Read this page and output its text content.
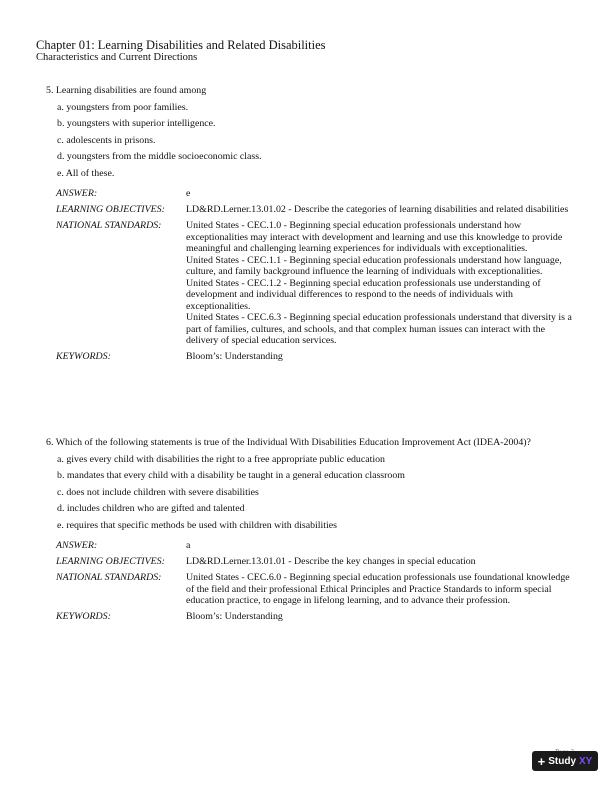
Chapter 01: Learning Disabilities and Related Disabilities
Characteristics and Current Directions

5. Learning disabilities are found among

a. youngsters from poor families.
b. youngsters with superior intelligence.
c. adolescents in prisons.
d. youngsters from the middle socioeconomic class.
e. All of these.
ANSWER:	e
LEARNING OBJECTIVES:	LD&RD.Lerner.13.01.02 - Describe the categories of learning disabilities and related disabilities
NATIONAL STANDARDS:	United States - CEC.1.0 - Beginning special education professionals understand how exceptionalities may interact with development and learning and use this knowledge to provide meaningful and challenging learning experiences for individuals with exceptionalities.

United States - CEC.1.1 - Beginning special education professionals understand how language, culture, and family background influence the learning of individuals with exceptionalities.

United States - CEC.1.2 - Beginning special education professionals use understanding of development and individual differences to respond to the needs of individuals with exceptionalities.

United States - CEC.6.3 - Beginning special education professionals understand that diversity is a part of families, cultures, and schools, and that complex human issues can interact with the delivery of special education services.

KEYWORDS:	Bloom’s: Understanding

6. Which of the following statements is true of the Individual With Disabilities Education Improvement Act (IDEA-2004)?

a. gives every child with disabilities the right to a free appropriate public education
b. mandates that every child with a disability be taught in a general education classroom
c. does not include children with severe disabilities
d. includes children who are gifted and talented
e. requires that specific methods be used with children with disabilities
ANSWER:	a
LEARNING OBJECTIVES:	LD&RD.Lerner.13.01.01 - Describe the key changes in special education
NATIONAL STANDARDS:	United States - CEC.6.0 - Beginning special education professionals use foundational knowledge of the field and their professional Ethical Principles and Practice Standards to inform special education practice, to engage in lifelong learning, and to advance their profession.

KEYWORDS:	Bloom’s: Understanding
+ Study XY
